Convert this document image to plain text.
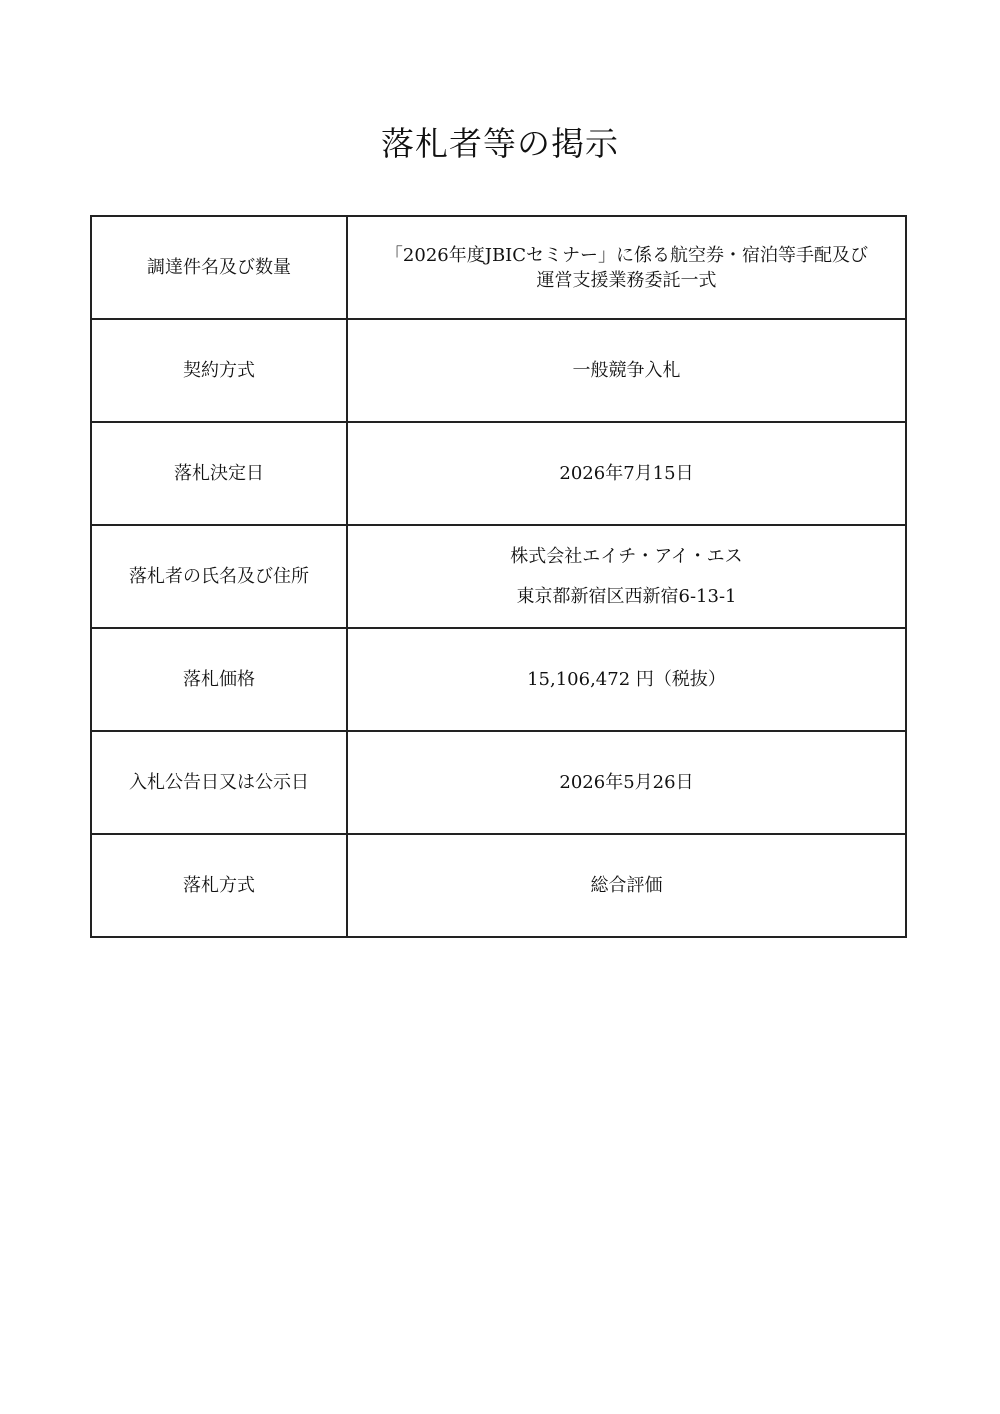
落札者等の掲示
調達件名及び数量	「2026年度JBICセミナー」に係る航空券・宿泊等手配及び
運営支援業務委託一式

契約方式	一般競争入札
落札決定日	2026年7月15日
落札者の氏名及び住所	株式会社エイチ・アイ・エス
東京都新宿区西新宿6-13-1

落札価格	15,106,472 円（税抜）
入札公告日又は公示日	2026年5月26日
落札方式	総合評価
